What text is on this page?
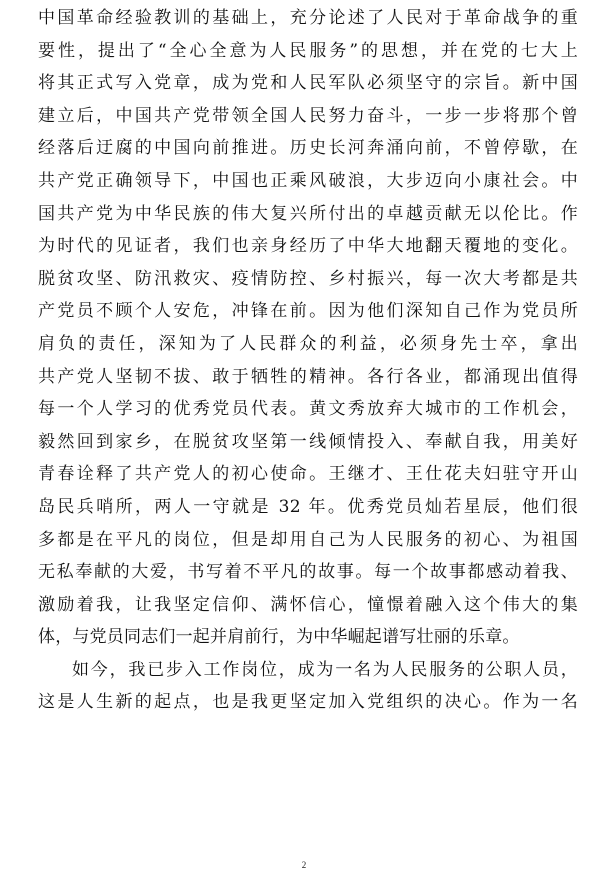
中国革命经验教训的基础上，充分论述了人民对于革命战争的重
要性，提出了“全心全意为人民服务”的思想，并在党的七大上
将其正式写入党章，成为党和人民军队必须坚守的宗旨。新中国
建立后，中国共产党带领全国人民努力奋斗，一步一步将那个曾
经落后迂腐的中国向前推进。历史长河奔涌向前，不曾停歇，在
共产党正确领导下，中国也正乘风破浪，大步迈向小康社会。中
国共产党为中华民族的伟大复兴所付出的卓越贡献无以伦比。作
为时代的见证者，我们也亲身经历了中华大地翻天覆地的变化。
脱贫攻坚、防汛救灾、疫情防控、乡村振兴，每一次大考都是共
产党员不顾个人安危，冲锋在前。因为他们深知自己作为党员所
肩负的责任，深知为了人民群众的利益，必须身先士卒，拿出
共产党人坚韧不拔、敢于牺牲的精神。各行各业，都涌现出值得
每一个人学习的优秀党员代表。黄文秀放弃大城市的工作机会，
毅然回到家乡，在脱贫攻坚第一线倾情投入、奉献自我，用美好
青春诠释了共产党人的初心使命。王继才、王仕花夫妇驻守开山
岛民兵哨所，两人一守就是 32 年。优秀党员灿若星辰，他们很
多都是在平凡的岗位，但是却用自己为人民服务的初心、为祖国
无私奉献的大爱，书写着不平凡的故事。每一个故事都感动着我、
激励着我，让我坚定信仰、满怀信心，憧憬着融入这个伟大的集
体，与党员同志们一起并肩前行，为中华崛起谱写壮丽的乐章。
如今，我已步入工作岗位，成为一名为人民服务的公职人员，
这是人生新的起点，也是我更坚定加入党组织的决心。作为一名
2
